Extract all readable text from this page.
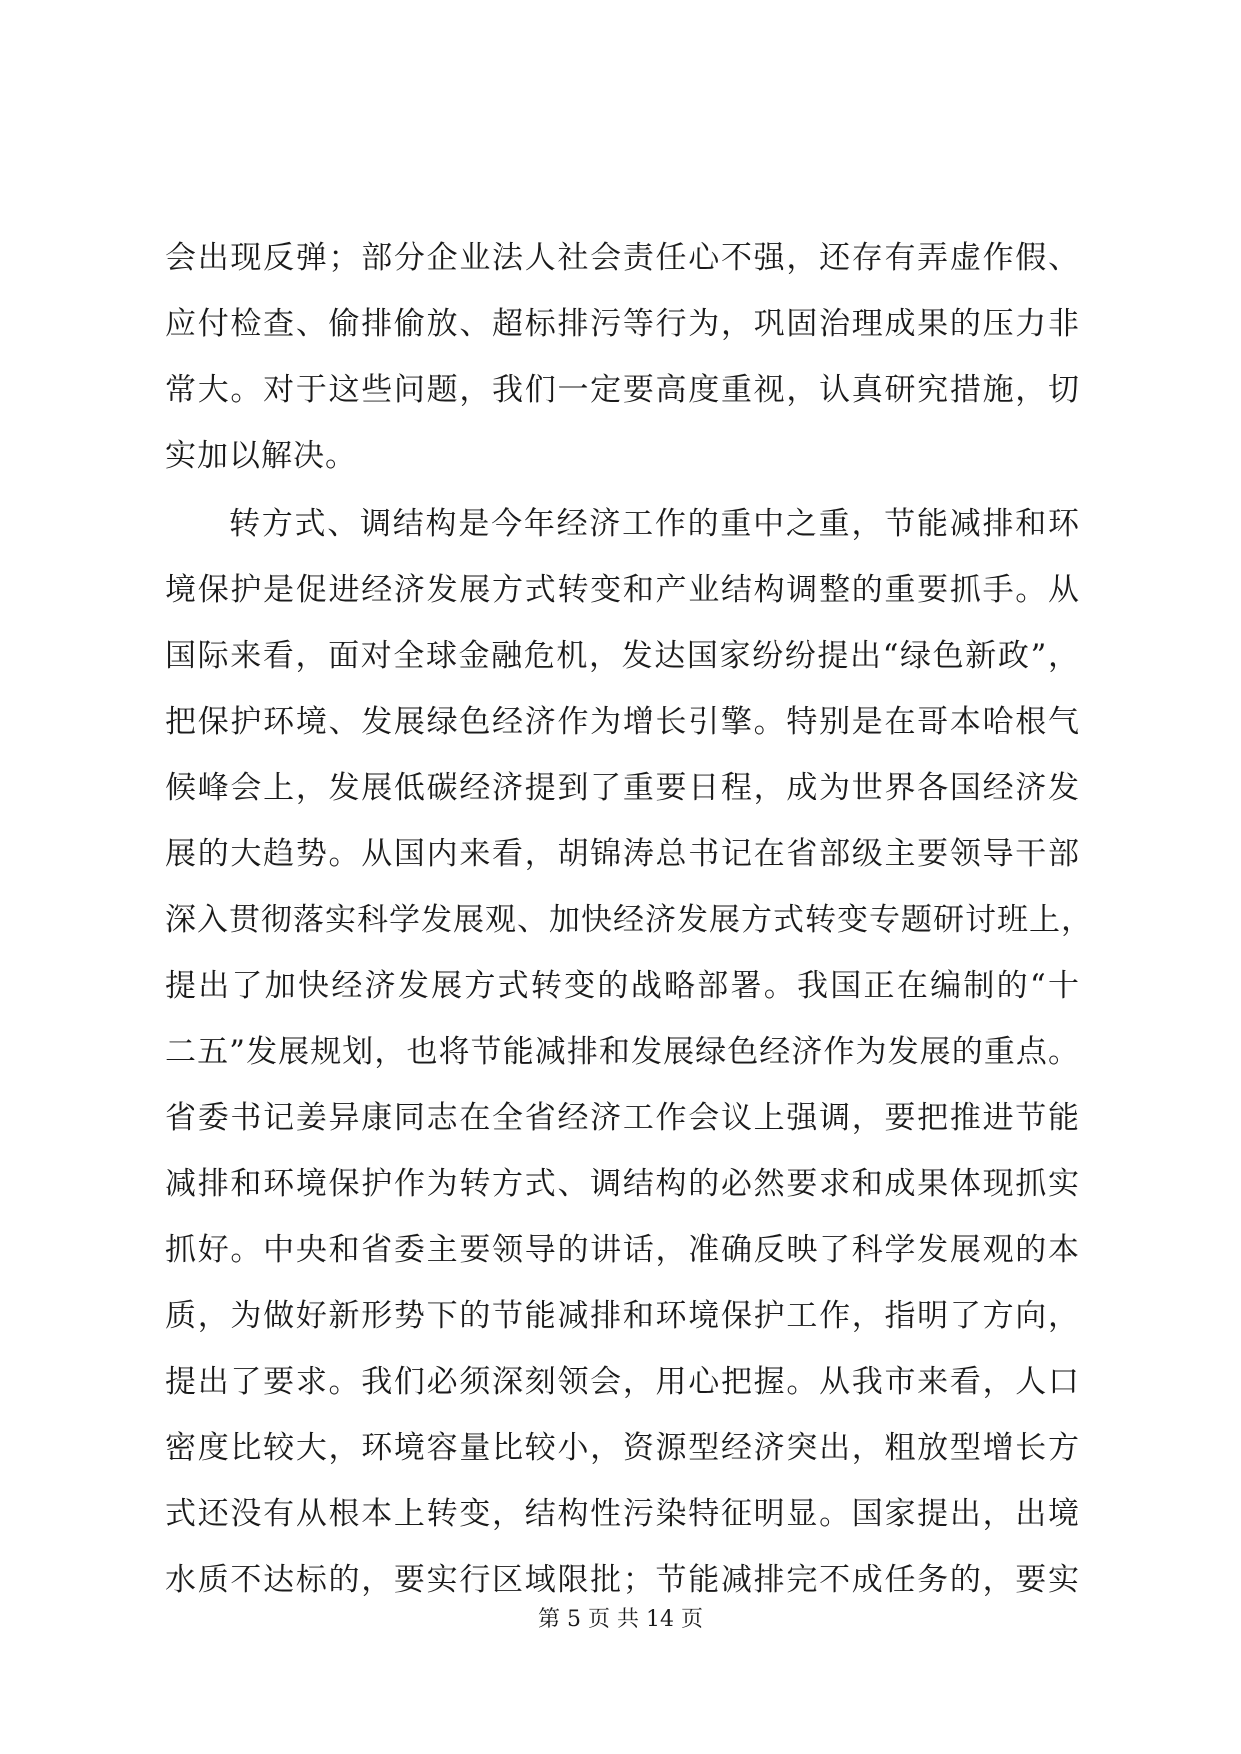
会出现反弹；部分企业法人社会责任心不强，还存有弄虚作假、
应付检查、偷排偷放、超标排污等行为，巩固治理成果的压力非
常大。对于这些问题，我们一定要高度重视，认真研究措施，切
实加以解决。
转方式、调结构是今年经济工作的重中之重，节能减排和环
境保护是促进经济发展方式转变和产业结构调整的重要抓手。从
国际来看，面对全球金融危机，发达国家纷纷提出“绿色新政”，
把保护环境、发展绿色经济作为增长引擎。特别是在哥本哈根气
候峰会上，发展低碳经济提到了重要日程，成为世界各国经济发
展的大趋势。从国内来看，胡锦涛总书记在省部级主要领导干部
深入贯彻落实科学发展观、加快经济发展方式转变专题研讨班上，
提出了加快经济发展方式转变的战略部署。我国正在编制的“十
二五”发展规划，也将节能减排和发展绿色经济作为发展的重点。
省委书记姜异康同志在全省经济工作会议上强调，要把推进节能
减排和环境保护作为转方式、调结构的必然要求和成果体现抓实
抓好。中央和省委主要领导的讲话，准确反映了科学发展观的本
质，为做好新形势下的节能减排和环境保护工作，指明了方向，
提出了要求。我们必须深刻领会，用心把握。从我市来看，人口
密度比较大，环境容量比较小，资源型经济突出，粗放型增长方
式还没有从根本上转变，结构性污染特征明显。国家提出，出境
水质不达标的，要实行区域限批；节能减排完不成任务的，要实
第 5 页 共 14 页
